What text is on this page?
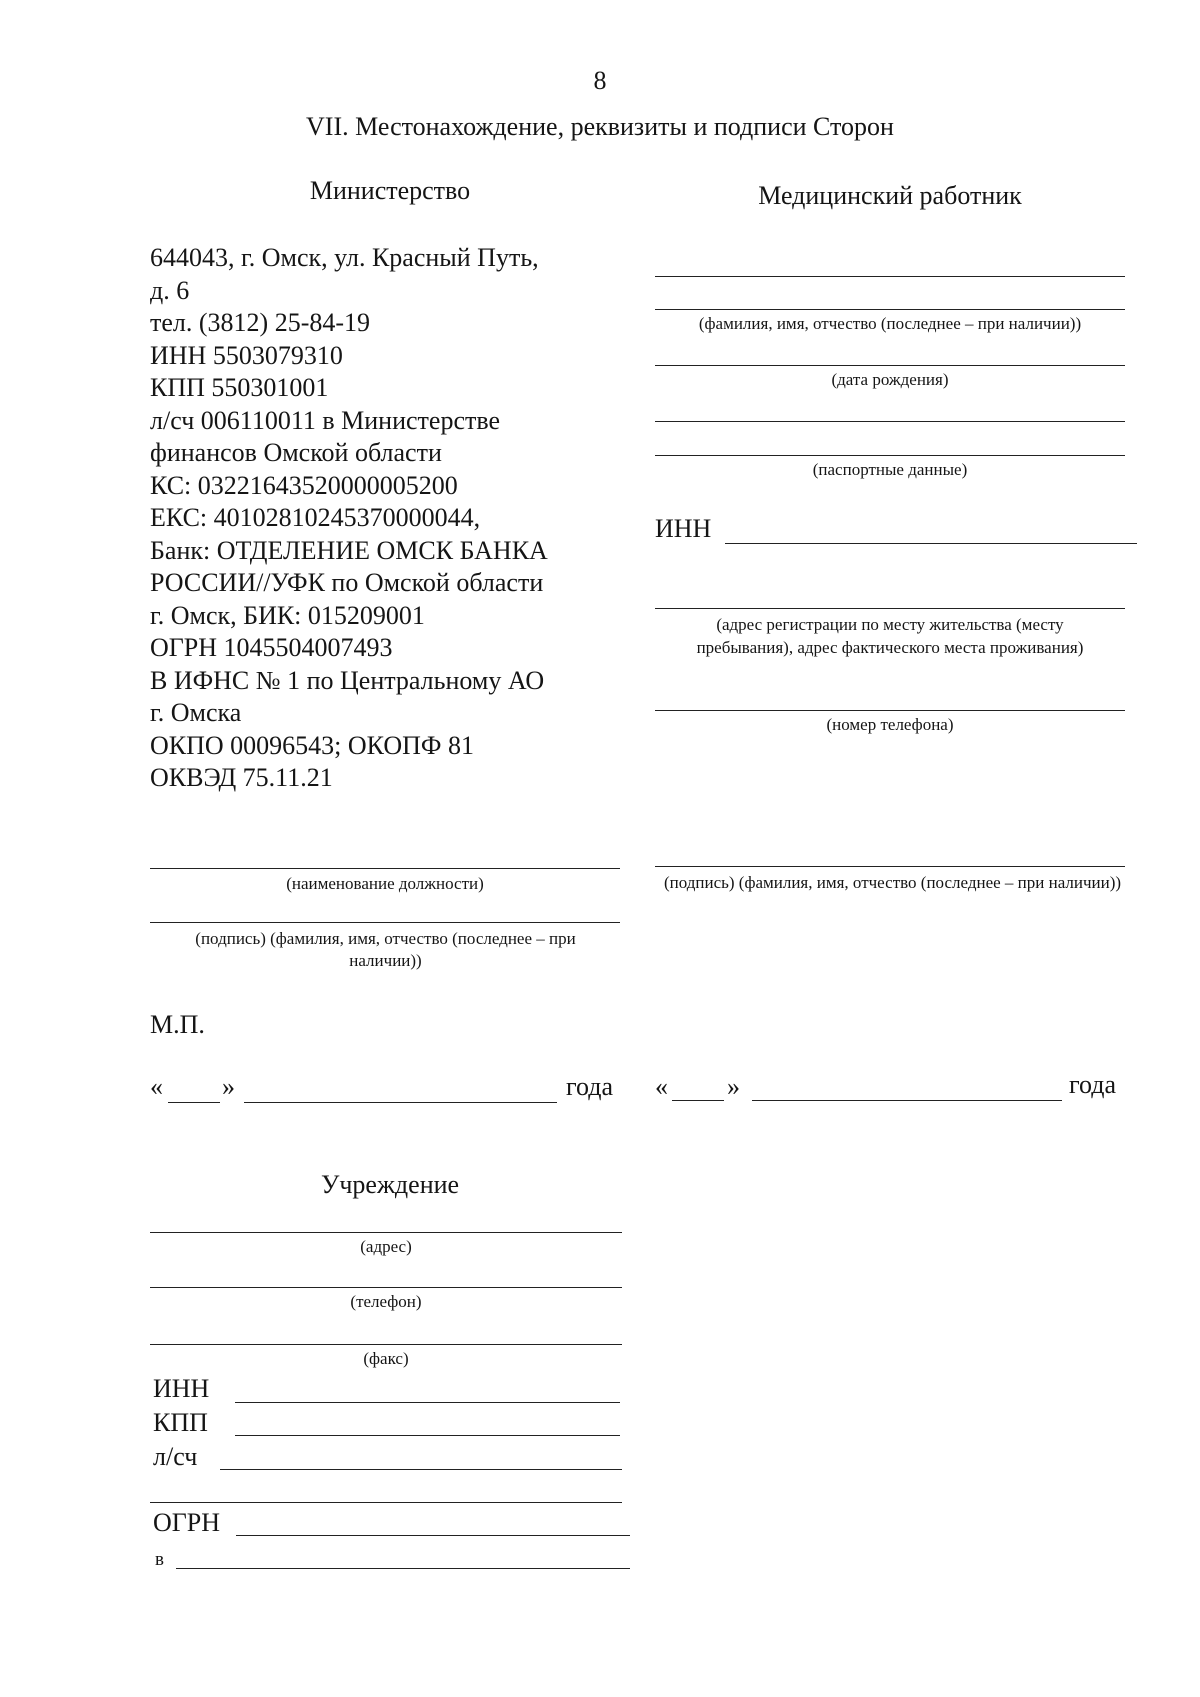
8
VII. Местонахождение, реквизиты и подписи Сторон
Министерство
644043, г. Омск, ул. Красный Путь,
д. 6
тел. (3812) 25-84-19
ИНН 5503079310
КПП 550301001
л/сч 006110011 в Министерстве
финансов Омской области
КС: 03221643520000005200
ЕКС: 40102810245370000044,
Банк: ОТДЕЛЕНИЕ ОМСК БАНКА
РОССИИ//УФК по Омской области
г. Омск, БИК: 015209001
ОГРН 1045504007493
В ИФНС № 1 по Центральному АО
г. Омска
ОКПО 00096543; ОКОПФ 81
ОКВЭД 75.11.21
(наименование должности)
(подпись) (фамилия, имя, отчество (последнее – при наличии))
М.П.
« »	года
Медицинский работник
(фамилия, имя, отчество (последнее – при наличии))
(дата рождения)
(паспортные данные)
ИНН
(адрес регистрации по месту жительства (месту пребывания), адрес фактического места проживания)
(номер телефона)
(подпись) (фамилия, имя, отчество (последнее – при наличии))
« »	года
Учреждение
(адрес)
(телефон)
(факс)
ИНН
КПП
л/сч
ОГРН
в
